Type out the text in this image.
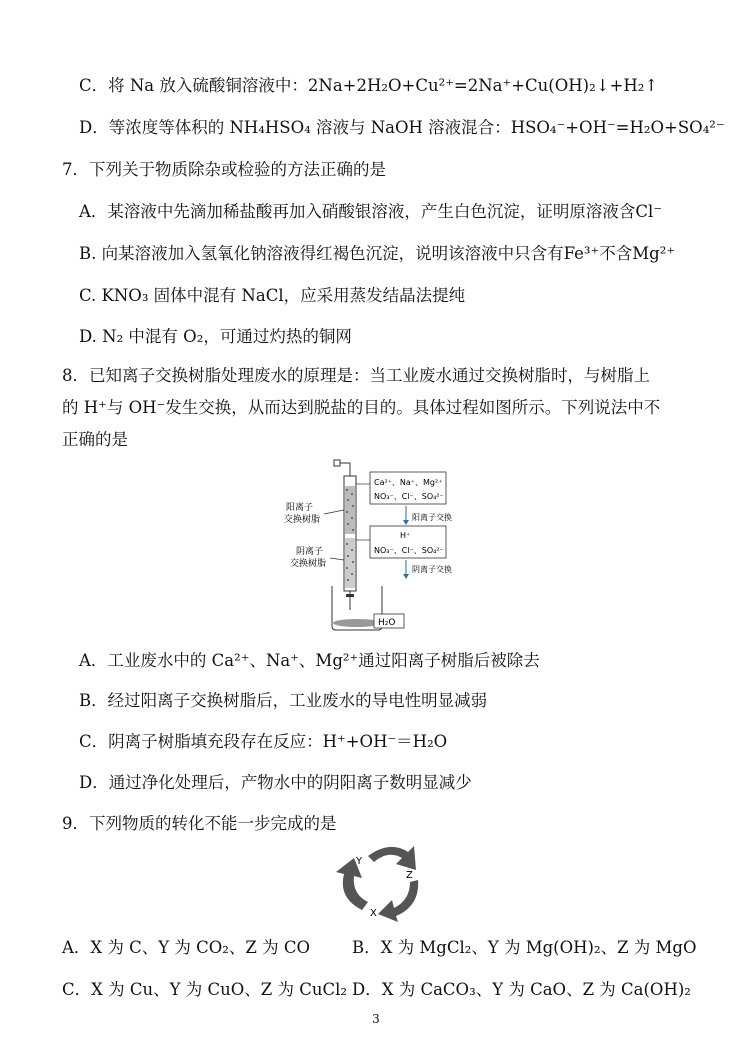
C．将 Na 放入硫酸铜溶液中：2Na+2H₂O+Cu²⁺=2Na⁺+Cu(OH)₂↓+H₂↑
D．等浓度等体积的 NH₄HSO₄ 溶液与 NaOH 溶液混合：HSO₄⁻+OH⁻=H₂O+SO₄²⁻
7．下列关于物质除杂或检验的方法正确的是
A．某溶液中先滴加稀盐酸再加入硝酸银溶液，产生白色沉淀，证明原溶液含Cl⁻
B. 向某溶液加入氢氧化钠溶液得红褐色沉淀，说明该溶液中只含有Fe³⁺不含Mg²⁺
C. KNO₃ 固体中混有 NaCl，应采用蒸发结晶法提纯
D. N₂ 中混有 O₂，可通过灼热的铜网
8．已知离子交换树脂处理废水的原理是：当工业废水通过交换树脂时，与树脂上
的 H⁺与 OH⁻发生交换，从而达到脱盐的目的。具体过程如图所示。下列说法中不
正确的是
H₂O
阳离子
交换树脂
阴离子
交换树脂
Ca²⁺、Na⁺、Mg²⁺
NO₃⁻、Cl⁻、SO₄²⁻
阳离子交换
H⁺
NO₃⁻、Cl⁻、SO₄²⁻
阴离子交换
A．工业废水中的 Ca²⁺、Na⁺、Mg²⁺通过阳离子树脂后被除去
B．经过阳离子交换树脂后，工业废水的导电性明显减弱
C．阴离子树脂填充段存在反应：H⁺+OH⁻＝H₂O
D．通过净化处理后，产物水中的阴阳离子数明显减少
9．下列物质的转化不能一步完成的是
Y
Z
X
A．X 为 C、Y 为 CO₂、Z 为 CO	B．X 为 MgCl₂、Y 为 Mg(OH)₂、Z 为 MgO
C．X 为 Cu、Y 为 CuO、Z 为 CuCl₂ D．X 为 CaCO₃、Y 为 CaO、Z 为 Ca(OH)₂
3
